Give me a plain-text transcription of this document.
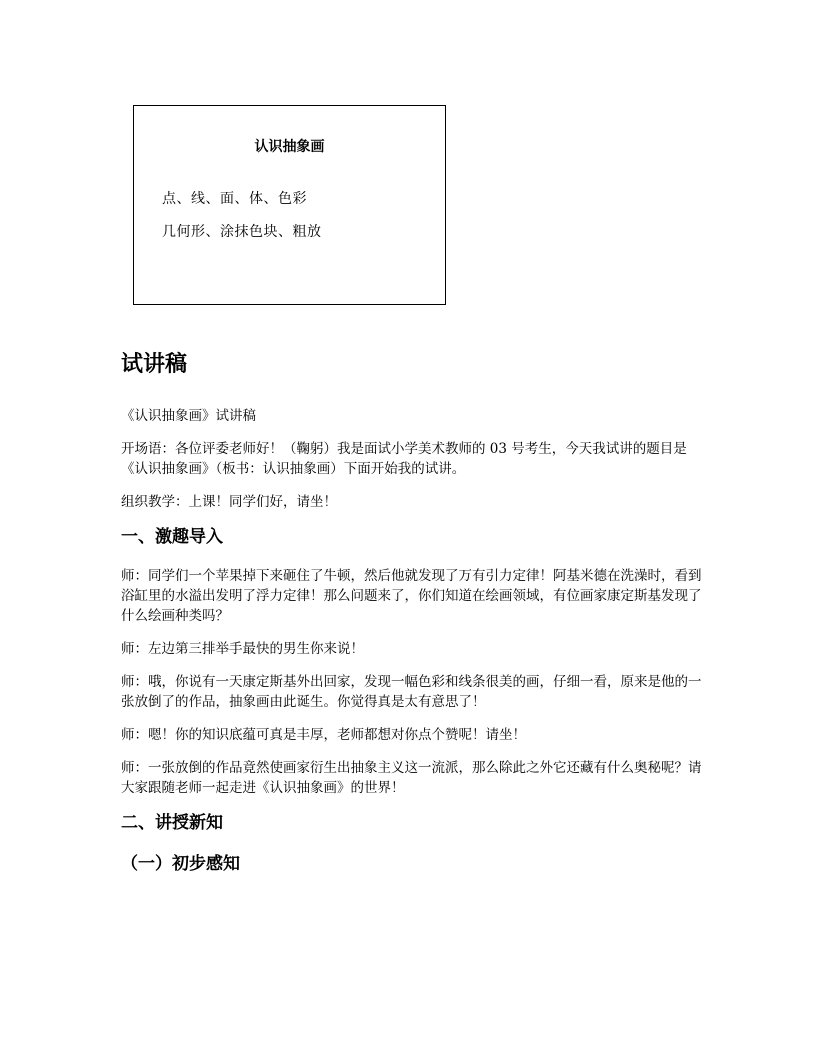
认识抽象画
点、线、面、体、色彩
几何形、涂抹色块、粗放
试讲稿

《认识抽象画》试讲稿

开场语：各位评委老师好！（鞠躬）我是面试小学美术教师的 03 号考生，今天我试讲的题目是《认识抽象画》（板书：认识抽象画）下面开始我的试讲。

组织教学：上课！同学们好，请坐！

一、激趣导入

师：同学们一个苹果掉下来砸住了牛顿，然后他就发现了万有引力定律！阿基米德在洗澡时，看到浴缸里的水溢出发明了浮力定律！那么问题来了，你们知道在绘画领域，有位画家康定斯基发现了什么绘画种类吗？

师：左边第三排举手最快的男生你来说！

师：哦，你说有一天康定斯基外出回家，发现一幅色彩和线条很美的画，仔细一看，原来是他的一张放倒了的作品，抽象画由此诞生。你觉得真是太有意思了！

师：嗯！你的知识底蕴可真是丰厚，老师都想对你点个赞呢！请坐！

师：一张放倒的作品竟然使画家衍生出抽象主义这一流派，那么除此之外它还藏有什么奥秘呢？请大家跟随老师一起走进《认识抽象画》的世界！

二、讲授新知
（一）初步感知
